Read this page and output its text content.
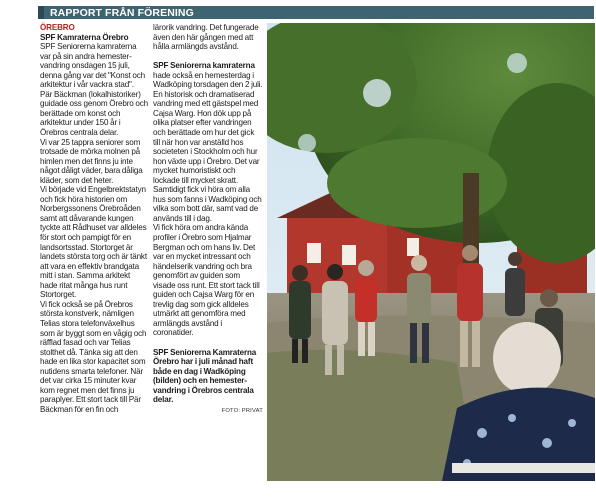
RAPPORT FRÅN FÖRENING

ÖREBRO

SPF Kamraterna Örebro

SPF Seniorerna kamraterna var på sin andra hemester-vandring onsdagen 15 juli, denna gång var det "Konst och arkitektur i vår vackra stad".

Pär Bäckman (lokalhistoriker) guidade oss genom Örebro och berättade om konst och arkitektur under 150 år i Örebros centrala delar.

Vi var 25 tappra seniorer som trotsade de mörka molnen på himlen men det finns ju inte något dåligt väder, bara dåliga kläder, som det heter.

Vi började vid Engelbrektstatyn och fick höra historien om Norbergssonens Örebroåden samt att dåvarande kungen tyckte att Rådhuset var alldeles för stort och pampigt för en landsortsstad. Stortorget är landets största torg och är tänkt att vara en effektiv brandgata mitt i stan. Samma arkitekt hade ritat många hus runt Stortorget.

Vi fick också se på Örebros största konstverk, nämligen Telias stora telefonväxelhus som är byggt som en vågig och räfflad fasad och var Telias stolthet då. Tänka sig att den hade en lika stor kapacitet som nutidens smarta telefoner. När det var cirka 15 minuter kvar kom regnet men det finns ju paraplyer. Ett stort tack till Pär Bäckman för en fin och

lärorik vandring. Det fungerade även den här gången med att hålla armlängds avstånd.

SPF Seniorerna kamraterna hade också en hemesterdag i Wadköping torsdagen den 2 juli. En historisk och dramatiserad vandring med ett gästspel med Cajsa Warg. Hon dök upp på olika platser efter vandringen och berättade om hur det gick till när hon var anställd hos societeten i Stockholm och hur hon växte upp i Örebro. Det var mycket humoristiskt och lockade till mycket skratt. Samtidigt fick vi höra om alla hus som fanns i Wadköping och vilka som bott där, samt vad de används till i dag.

Vi fick höra om andra kända profiler i Örebro som Hjalmar Bergman och om hans liv. Det var en mycket intressant och händelserik vandring och bra genomfört av guiden som visade oss runt. Ett stort tack till guiden och Cajsa Warg för en trevlig dag som gick alldeles utmärkt att genomföra med armlängds avstånd i coronatider.

SPF Seniorerna Kamraterna Örebro har i juli månad haft både en dag i Wadköping (bilden) och en hemester-vandring i Örebros centrala delar.

FOTO: PRIVAT
